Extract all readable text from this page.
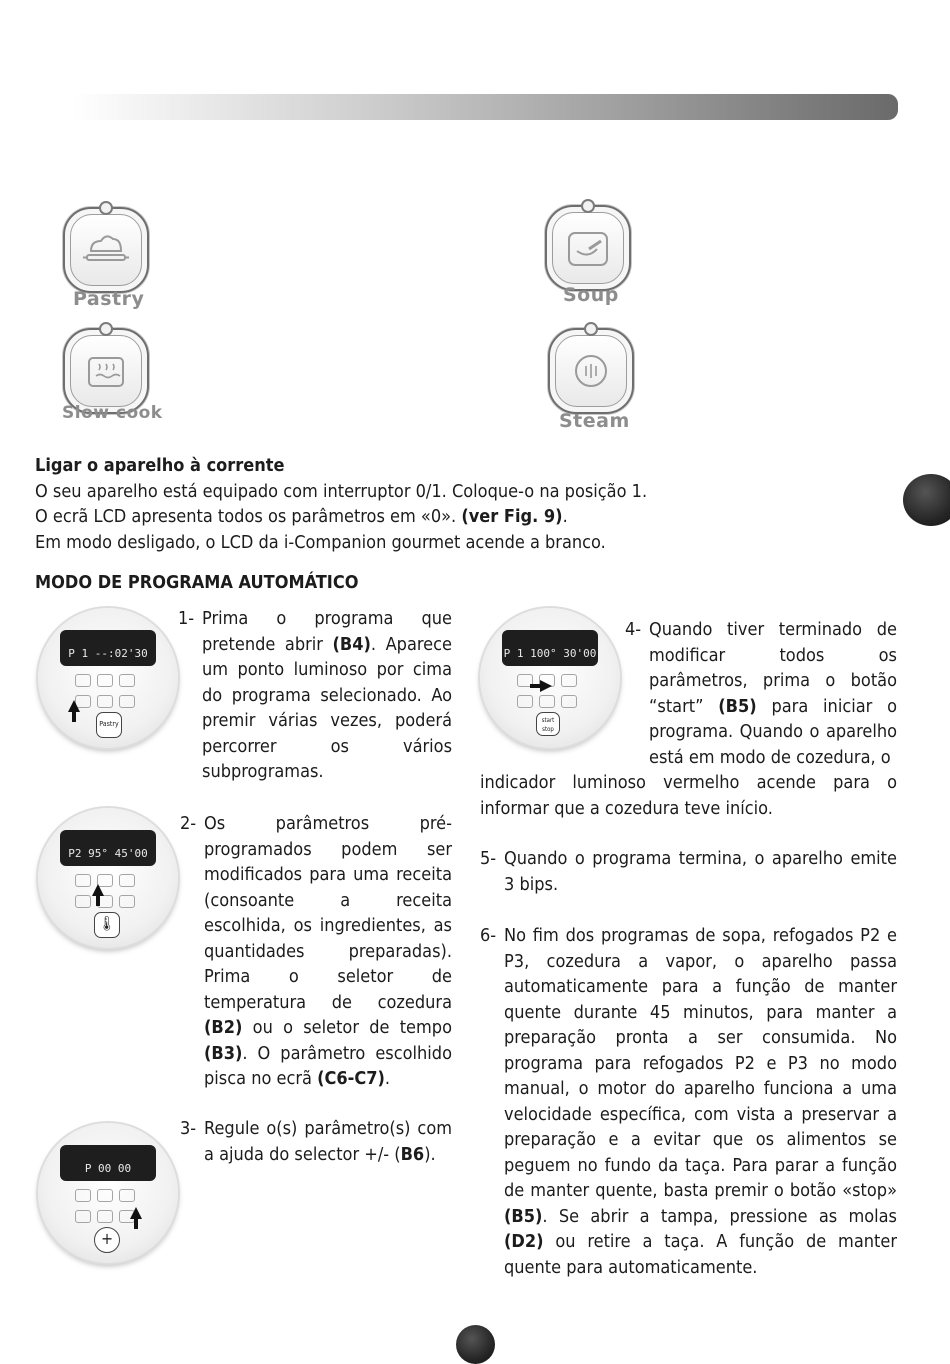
Pastry	Soup
Slow cook	Steam
Ligar o aparelho à corrente
O seu aparelho está equipado com interruptor 0/1. Coloque-o na posição 1.
O ecrã LCD apresenta todos os parâmetros em «0». (ver Fig. 9).
Em modo desligado, o LCD da i-Companion gourmet acende a branco.
MODO DE PROGRAMA AUTOMÁTICO
P 1 --:02'30
Pastry
P2 95° 45'00
🌡
P 00 00
+
P 1 100° 30'00
start stop
1- Prima o programa que pretende abrir (B4). Aparece um ponto luminoso por cima do programa selecionado. Ao premir várias vezes, poderá percorrer os vários subprogramas.
2- Os parâmetros pré-programados podem ser modificados para uma receita (consoante a receita escolhida, os ingredientes, as quantidades preparadas). Prima o seletor de temperatura de cozedura (B2) ou o seletor de tempo (B3). O parâmetro escolhido pisca no ecrã (C6-C7).
3- Regule o(s) parâmetro(s) com a ajuda do selector +/- (B6).
4- Quando tiver terminado de modificar todos os parâmetros, prima o botão “start” (B5) para iniciar o programa. Quando o aparelho está em modo de cozedura, o
indicador luminoso vermelho acende para o informar que a cozedura teve início.
5- Quando o programa termina, o aparelho emite 3 bips.
6- No fim dos programas de sopa, refogados P2 e P3, cozedura a vapor, o aparelho passa automaticamente para a função de manter quente durante 45 minutos, para manter a preparação pronta a ser consumida. No programa para refogados P2 e P3 no modo manual, o motor do aparelho funciona a uma velocidade específica, com vista a preservar a preparação e a evitar que os alimentos se peguem no fundo da taça. Para parar a função de manter quente, basta premir o botão «stop» (B5). Se abrir a tampa, pressione as molas (D2) ou retire a taça. A função de manter quente para automaticamente.
